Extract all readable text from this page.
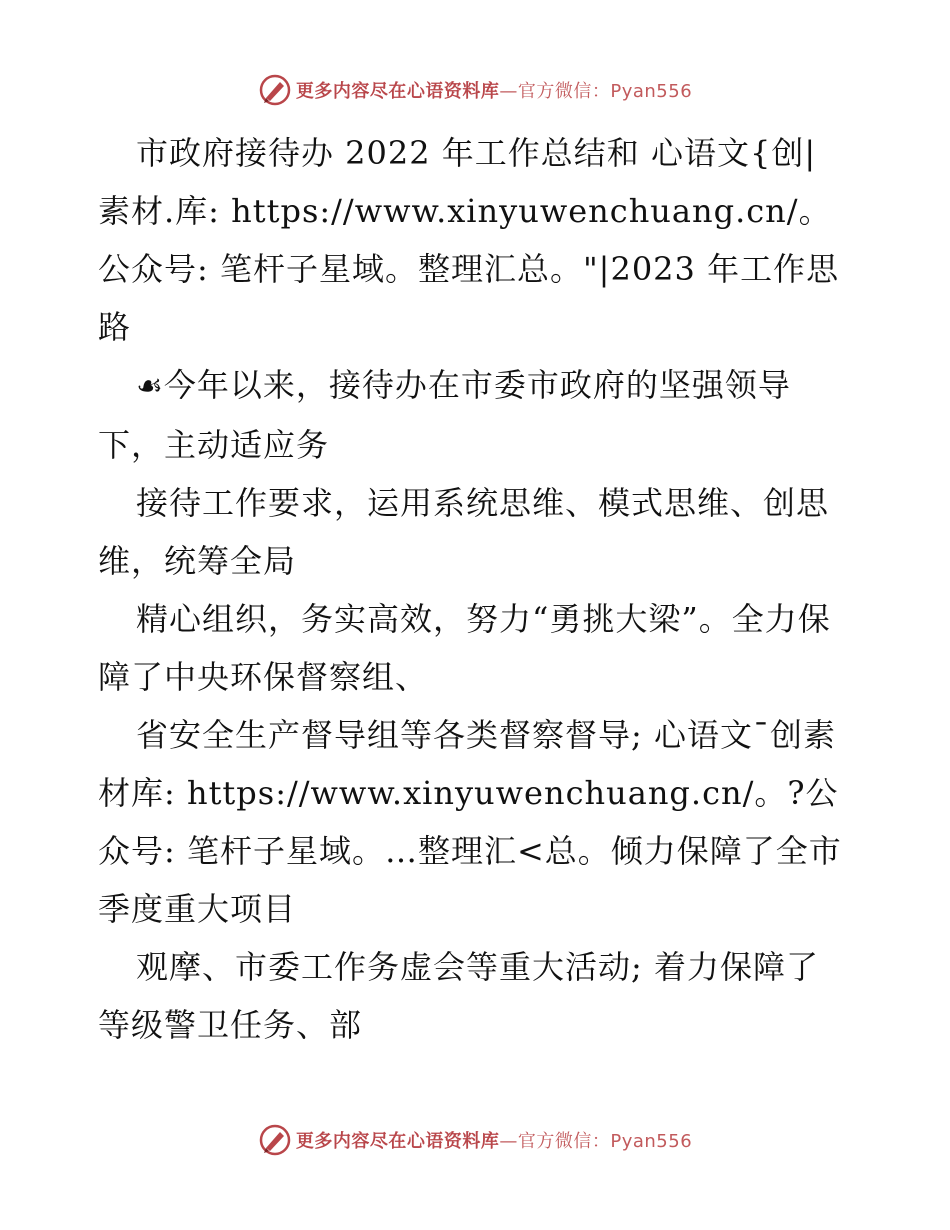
更多内容尽在心语资料库—官方微信：Pyan556

市政府接待办 2022 年工作总结和 心语文{创|素材.库: https://www.xinyuwenchuang.cn/。公众号: 笔杆子星域。整理汇总。"|2023 年工作思路

☙今年以来，接待办在市委市政府的坚强领导下，主动适应务

接待工作要求，运用系统思维、模式思维、创思维，统筹全局

精心组织，务实高效，努力“勇挑大梁”。全力保障了中央环保督察组、

省安全生产督导组等各类督察督导; 心语文¯创素材库: https://www.xinyuwenchuang.cn/。?公众号: 笔杆子星域。…整理汇<总。倾力保障了全市季度重大项目

观摩、市委工作务虚会等重大活动; 着力保障了等级警卫任务、部

更多内容尽在心语资料库—官方微信：Pyan556
